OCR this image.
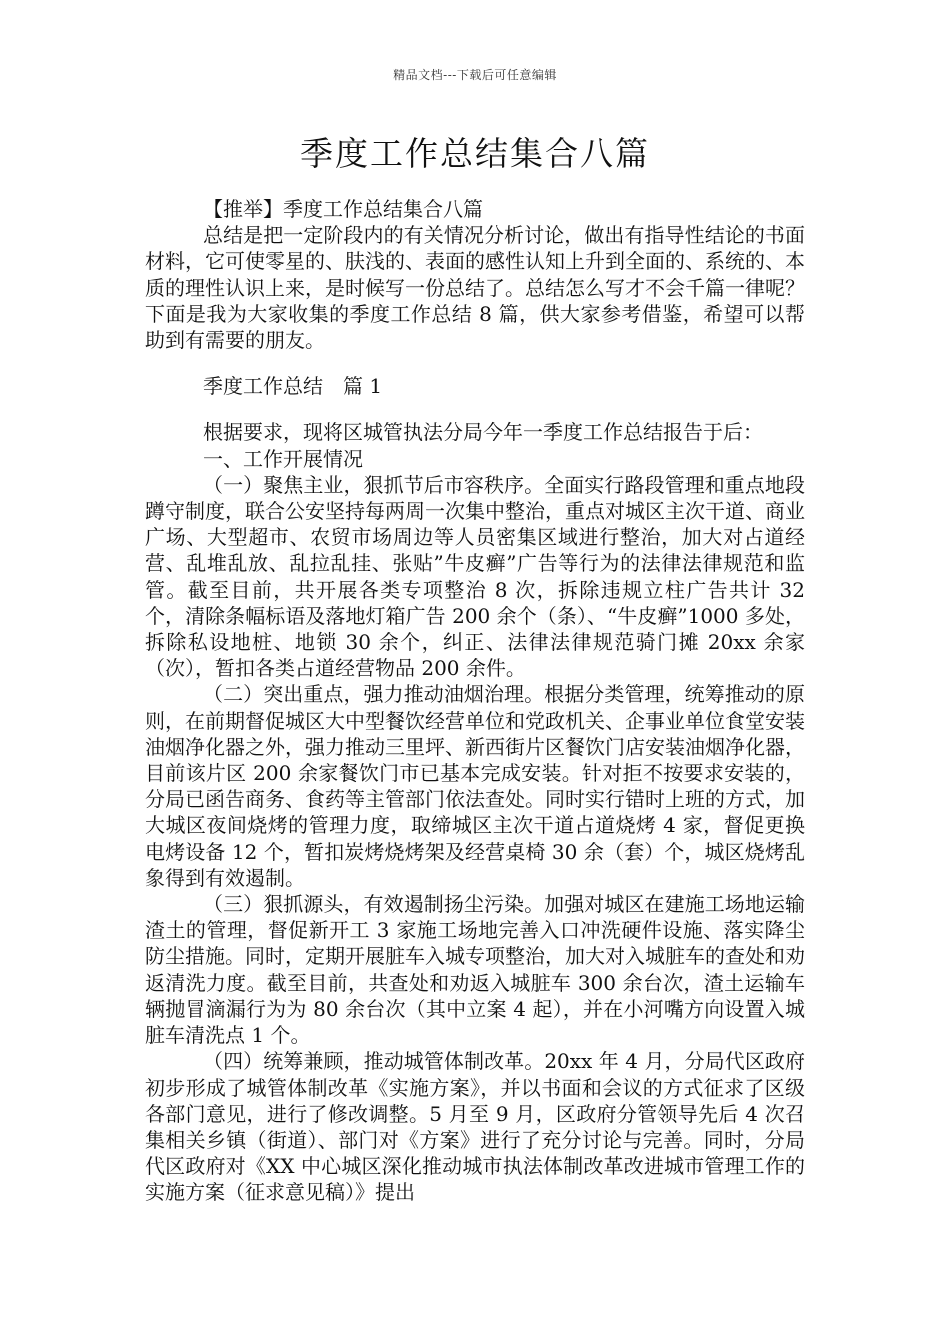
精品文档---下载后可任意编辑
季度工作总结集合八篇

【推举】季度工作总结集合八篇

总结是把一定阶段内的有关情况分析讨论，做出有指导性结论的书面材料，它可使零星的、肤浅的、表面的感性认知上升到全面的、系统的、本质的理性认识上来，是时候写一份总结了。总结怎么写才不会千篇一律呢？下面是我为大家收集的季度工作总结 8 篇，供大家参考借鉴，希望可以帮助到有需要的朋友。

季度工作总结　篇 1

根据要求，现将区城管执法分局今年一季度工作总结报告于后：

一、工作开展情况

（一）聚焦主业，狠抓节后市容秩序。全面实行路段管理和重点地段蹲守制度，联合公安坚持每两周一次集中整治，重点对城区主次干道、商业广场、大型超市、农贸市场周边等人员密集区域进行整治，加大对占道经营、乱堆乱放、乱拉乱挂、张贴”牛皮癣”广告等行为的法律法律规范和监管。截至目前，共开展各类专项整治 8 次，拆除违规立柱广告共计 32 个，清除条幅标语及落地灯箱广告 200 余个（条）、“牛皮癣”1000 多处，拆除私设地桩、地锁 30 余个，纠正、法律法律规范骑门摊 20xx 余家（次），暂扣各类占道经营物品 200 余件。

（二）突出重点，强力推动油烟治理。根据分类管理，统筹推动的原则，在前期督促城区大中型餐饮经营单位和党政机关、企事业单位食堂安装油烟净化器之外，强力推动三里坪、新西街片区餐饮门店安装油烟净化器，目前该片区 200 余家餐饮门市已基本完成安装。针对拒不按要求安装的，分局已函告商务、食药等主管部门依法查处。同时实行错时上班的方式，加大城区夜间烧烤的管理力度，取缔城区主次干道占道烧烤 4 家，督促更换电烤设备 12 个，暂扣炭烤烧烤架及经营桌椅 30 余（套）个，城区烧烤乱象得到有效遏制。

（三）狠抓源头，有效遏制扬尘污染。加强对城区在建施工场地运输渣土的管理，督促新开工 3 家施工场地完善入口冲洗硬件设施、落实降尘防尘措施。同时，定期开展脏车入城专项整治，加大对入城脏车的查处和劝返清洗力度。截至目前，共查处和劝返入城脏车 300 余台次，渣土运输车辆抛冒滴漏行为为 80 余台次（其中立案 4 起），并在小河嘴方向设置入城脏车清洗点 1 个。

（四）统筹兼顾，推动城管体制改革。20xx 年 4 月，分局代区政府初步形成了城管体制改革《实施方案》，并以书面和会议的方式征求了区级各部门意见，进行了修改调整。5 月至 9 月，区政府分管领导先后 4 次召集相关乡镇（街道）、部门对《方案》进行了充分讨论与完善。同时，分局代区政府对《XX 中心城区深化推动城市执法体制改革改进城市管理工作的实施方案（征求意见稿）》提出
